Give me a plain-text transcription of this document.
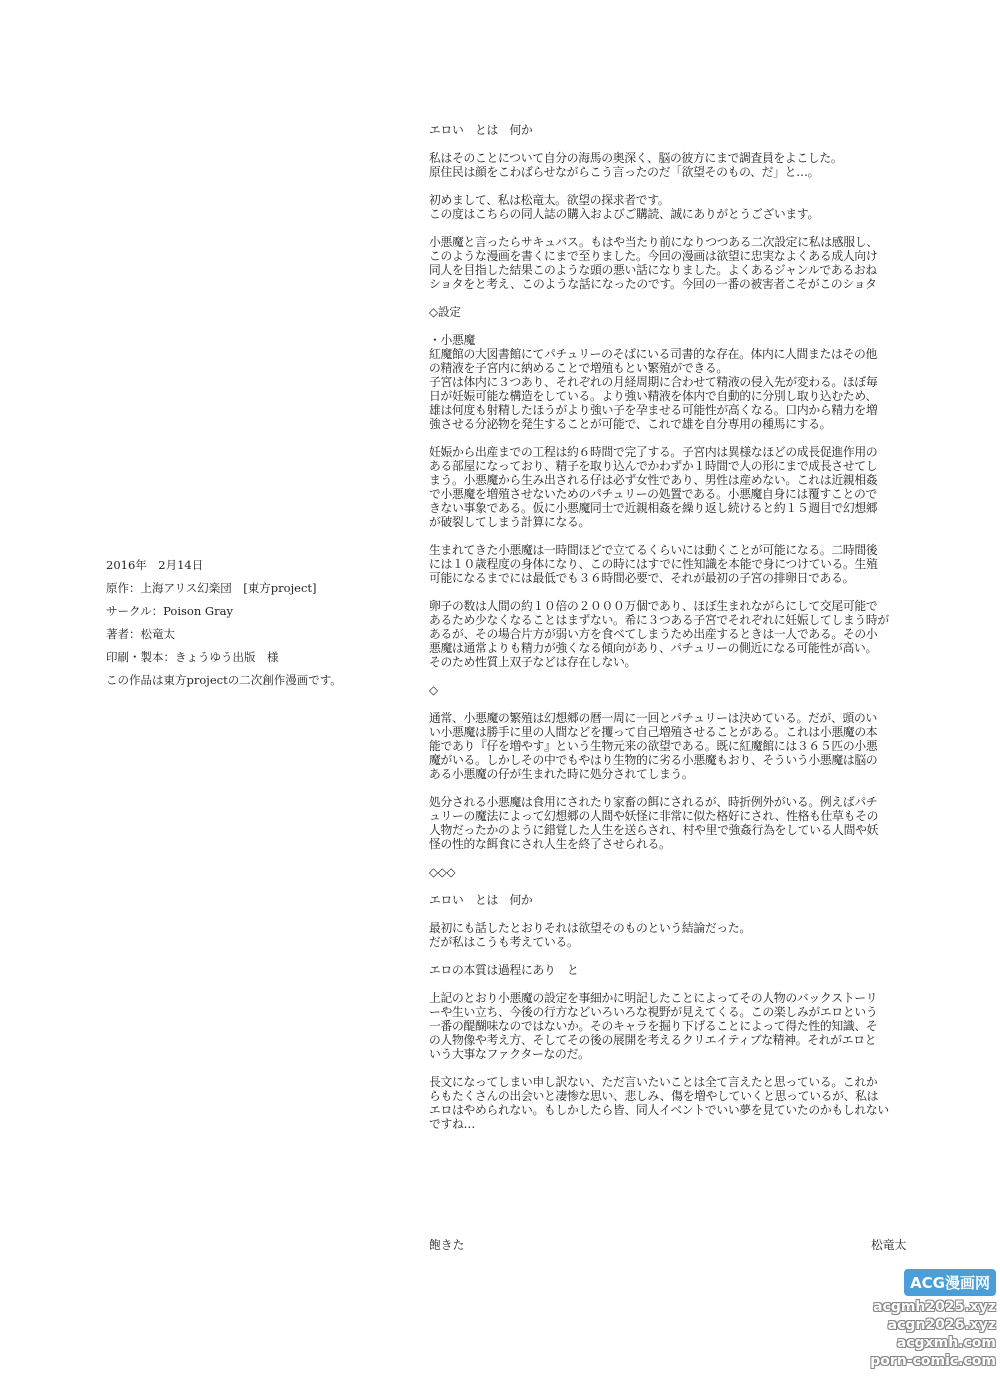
2016年　2月14日
原作：上海アリス幻楽団　[東方project]
サークル：Poison Gray
著者：松竜太
印刷・製本：きょうゆう出版　様
この作品は東方projectの二次創作漫画です。
エロい　とは　何か
私はそのことについて自分の海馬の奥深く、脳の彼方にまで調査員をよこした。
原住民は顔をこわばらせながらこう言ったのだ「欲望そのもの、だ」と…。
初めまして、私は松竜太。欲望の探求者です。
この度はこちらの同人誌の購入およびご購読、誠にありがとうございます。
小悪魔と言ったらサキュバス。もはや当たり前になりつつある二次設定に私は感服し、
このような漫画を書くにまで至りました。今回の漫画は欲望に忠実なよくある成人向け
同人を目指した結果このような頭の悪い話になりました。よくあるジャンルであるおね
ショタをと考え、このような話になったのです。今回の一番の被害者こそがこのショタ
◇設定
・小悪魔
紅魔館の大図書館にてパチュリーのそばにいる司書的な存在。体内に人間またはその他
の精液を子宮内に納めることで増殖もとい繁殖ができる。
子宮は体内に３つあり、それぞれの月経周期に合わせて精液の侵入先が変わる。ほぼ毎
日が妊娠可能な構造をしている。より強い精液を体内で自動的に分別し取り込むため、
雄は何度も射精したほうがより強い子を孕ませる可能性が高くなる。口内から精力を増
強させる分泌物を発生することが可能で、これで雄を自分専用の種馬にする。
妊娠から出産までの工程は約６時間で完了する。子宮内は異様なほどの成長促進作用の
ある部屋になっており、精子を取り込んでかわずか１時間で人の形にまで成長させてし
まう。小悪魔から生み出される仔は必ず女性であり、男性は産めない。これは近親相姦
で小悪魔を増殖させないためのパチュリーの処置である。小悪魔自身には覆すことので
きない事象である。仮に小悪魔同士で近親相姦を繰り返し続けると約１５週目で幻想郷
が破裂してしまう計算になる。
生まれてきた小悪魔は一時間ほどで立てるくらいには動くことが可能になる。二時間後
には１０歳程度の身体になり、この時にはすでに性知識を本能で身につけている。生殖
可能になるまでには最低でも３６時間必要で、それが最初の子宮の排卵日である。
卵子の数は人間の約１０倍の２０００万個であり、ほぼ生まれながらにして交尾可能で
あるため少なくなることはまずない。希に３つある子宮でそれぞれに妊娠してしまう時が
あるが、その場合片方が弱い方を食べてしまうため出産するときは一人である。その小
悪魔は通常よりも精力が強くなる傾向があり、パチュリーの側近になる可能性が高い。
そのため性質上双子などは存在しない。
◇
通常、小悪魔の繁殖は幻想郷の暦一周に一回とパチュリーは決めている。だが、頭のい
い小悪魔は勝手に里の人間などを攫って自己増殖させることがある。これは小悪魔の本
能であり『仔を増やす』という生物元来の欲望である。既に紅魔館には３６５匹の小悪
魔がいる。しかしその中でもやはり生物的に劣る小悪魔もおり、そういう小悪魔は脳の
ある小悪魔の仔が生まれた時に処分されてしまう。
処分される小悪魔は食用にされたり家畜の餌にされるが、時折例外がいる。例えばパチ
ュリーの魔法によって幻想郷の人間や妖怪に非常に似た格好にされ、性格も仕草もその
人物だったかのように錯覚した人生を送らされ、村や里で強姦行為をしている人間や妖
怪の性的な餌食にされ人生を終了させられる。
◇◇◇
エロい　とは　何か
最初にも話したとおりそれは欲望そのものという結論だった。
だが私はこうも考えている。
エロの本質は過程にあり　と
上記のとおり小悪魔の設定を事細かに明記したことによってその人物のバックストーリ
ーや生い立ち、今後の行方などいろいろな視野が見えてくる。この楽しみがエロという
一番の醍醐味なのではないか。そのキャラを掘り下げることによって得た性的知識、そ
の人物像や考え方、そしてその後の展開を考えるクリエイティブな精神。それがエロと
いう大事なファクターなのだ。
長文になってしまい申し訳ない、ただ言いたいことは全て言えたと思っている。これか
らもたくさんの出会いと凄惨な思い、悲しみ、傷を増やしていくと思っているが、私は
エロはやめられない。もしかしたら皆、同人イベントでいい夢を見ていたのかもしれない
ですね…
飽きた	松竜太
ACG漫画网
acgmh2025.xyz
acgn2026.xyz
acgxmh.com
porn-comic.com
